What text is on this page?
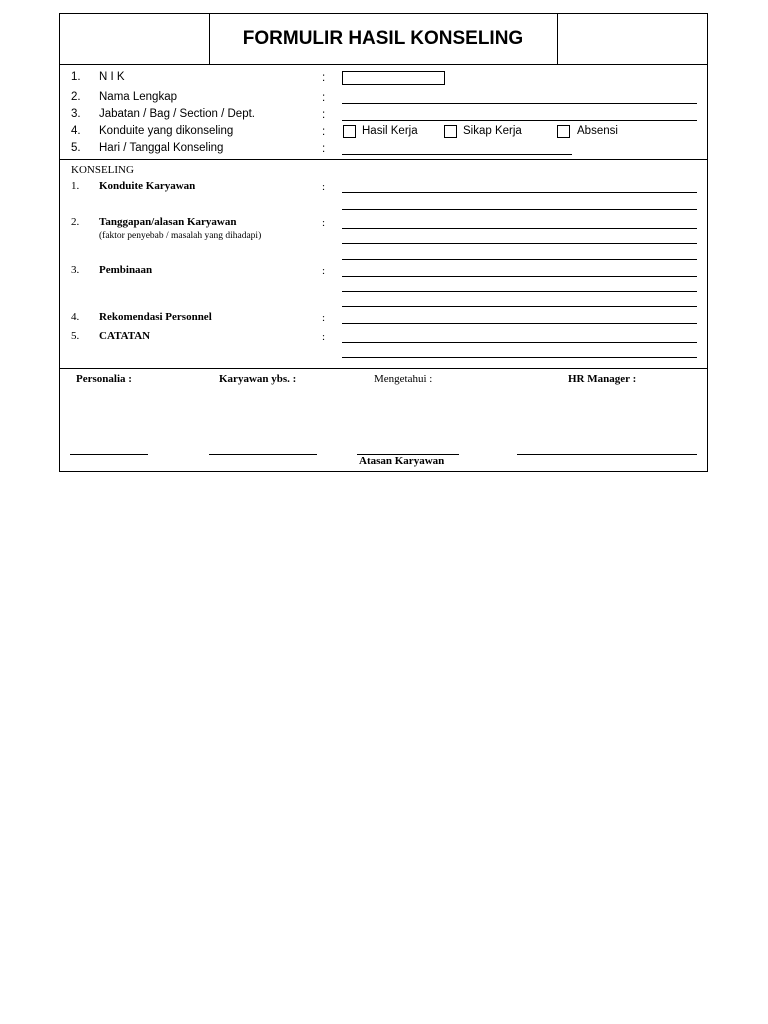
FORMULIR HASIL KONSELING
1. N I K	:
2. Nama Lengkap	:
3. Jabatan / Bag / Section / Dept.	:
4. Konduite yang dikonseling	:	Hasil Kerja	Sikap Kerja	Absensi
5. Hari / Tanggal Konseling	:
KONSELING
1. Konduite Karyawan	:
2. Tanggapan/alasan Karyawan
(faktor penyebab / masalah yang dihadapi)
:
3. Pembinaan	:
4. Rekomendasi Personnel	:
5. CATATAN	:
Personalia :	Karyawan ybs. :	Mengetahui :	HR Manager :
Atasan Karyawan
